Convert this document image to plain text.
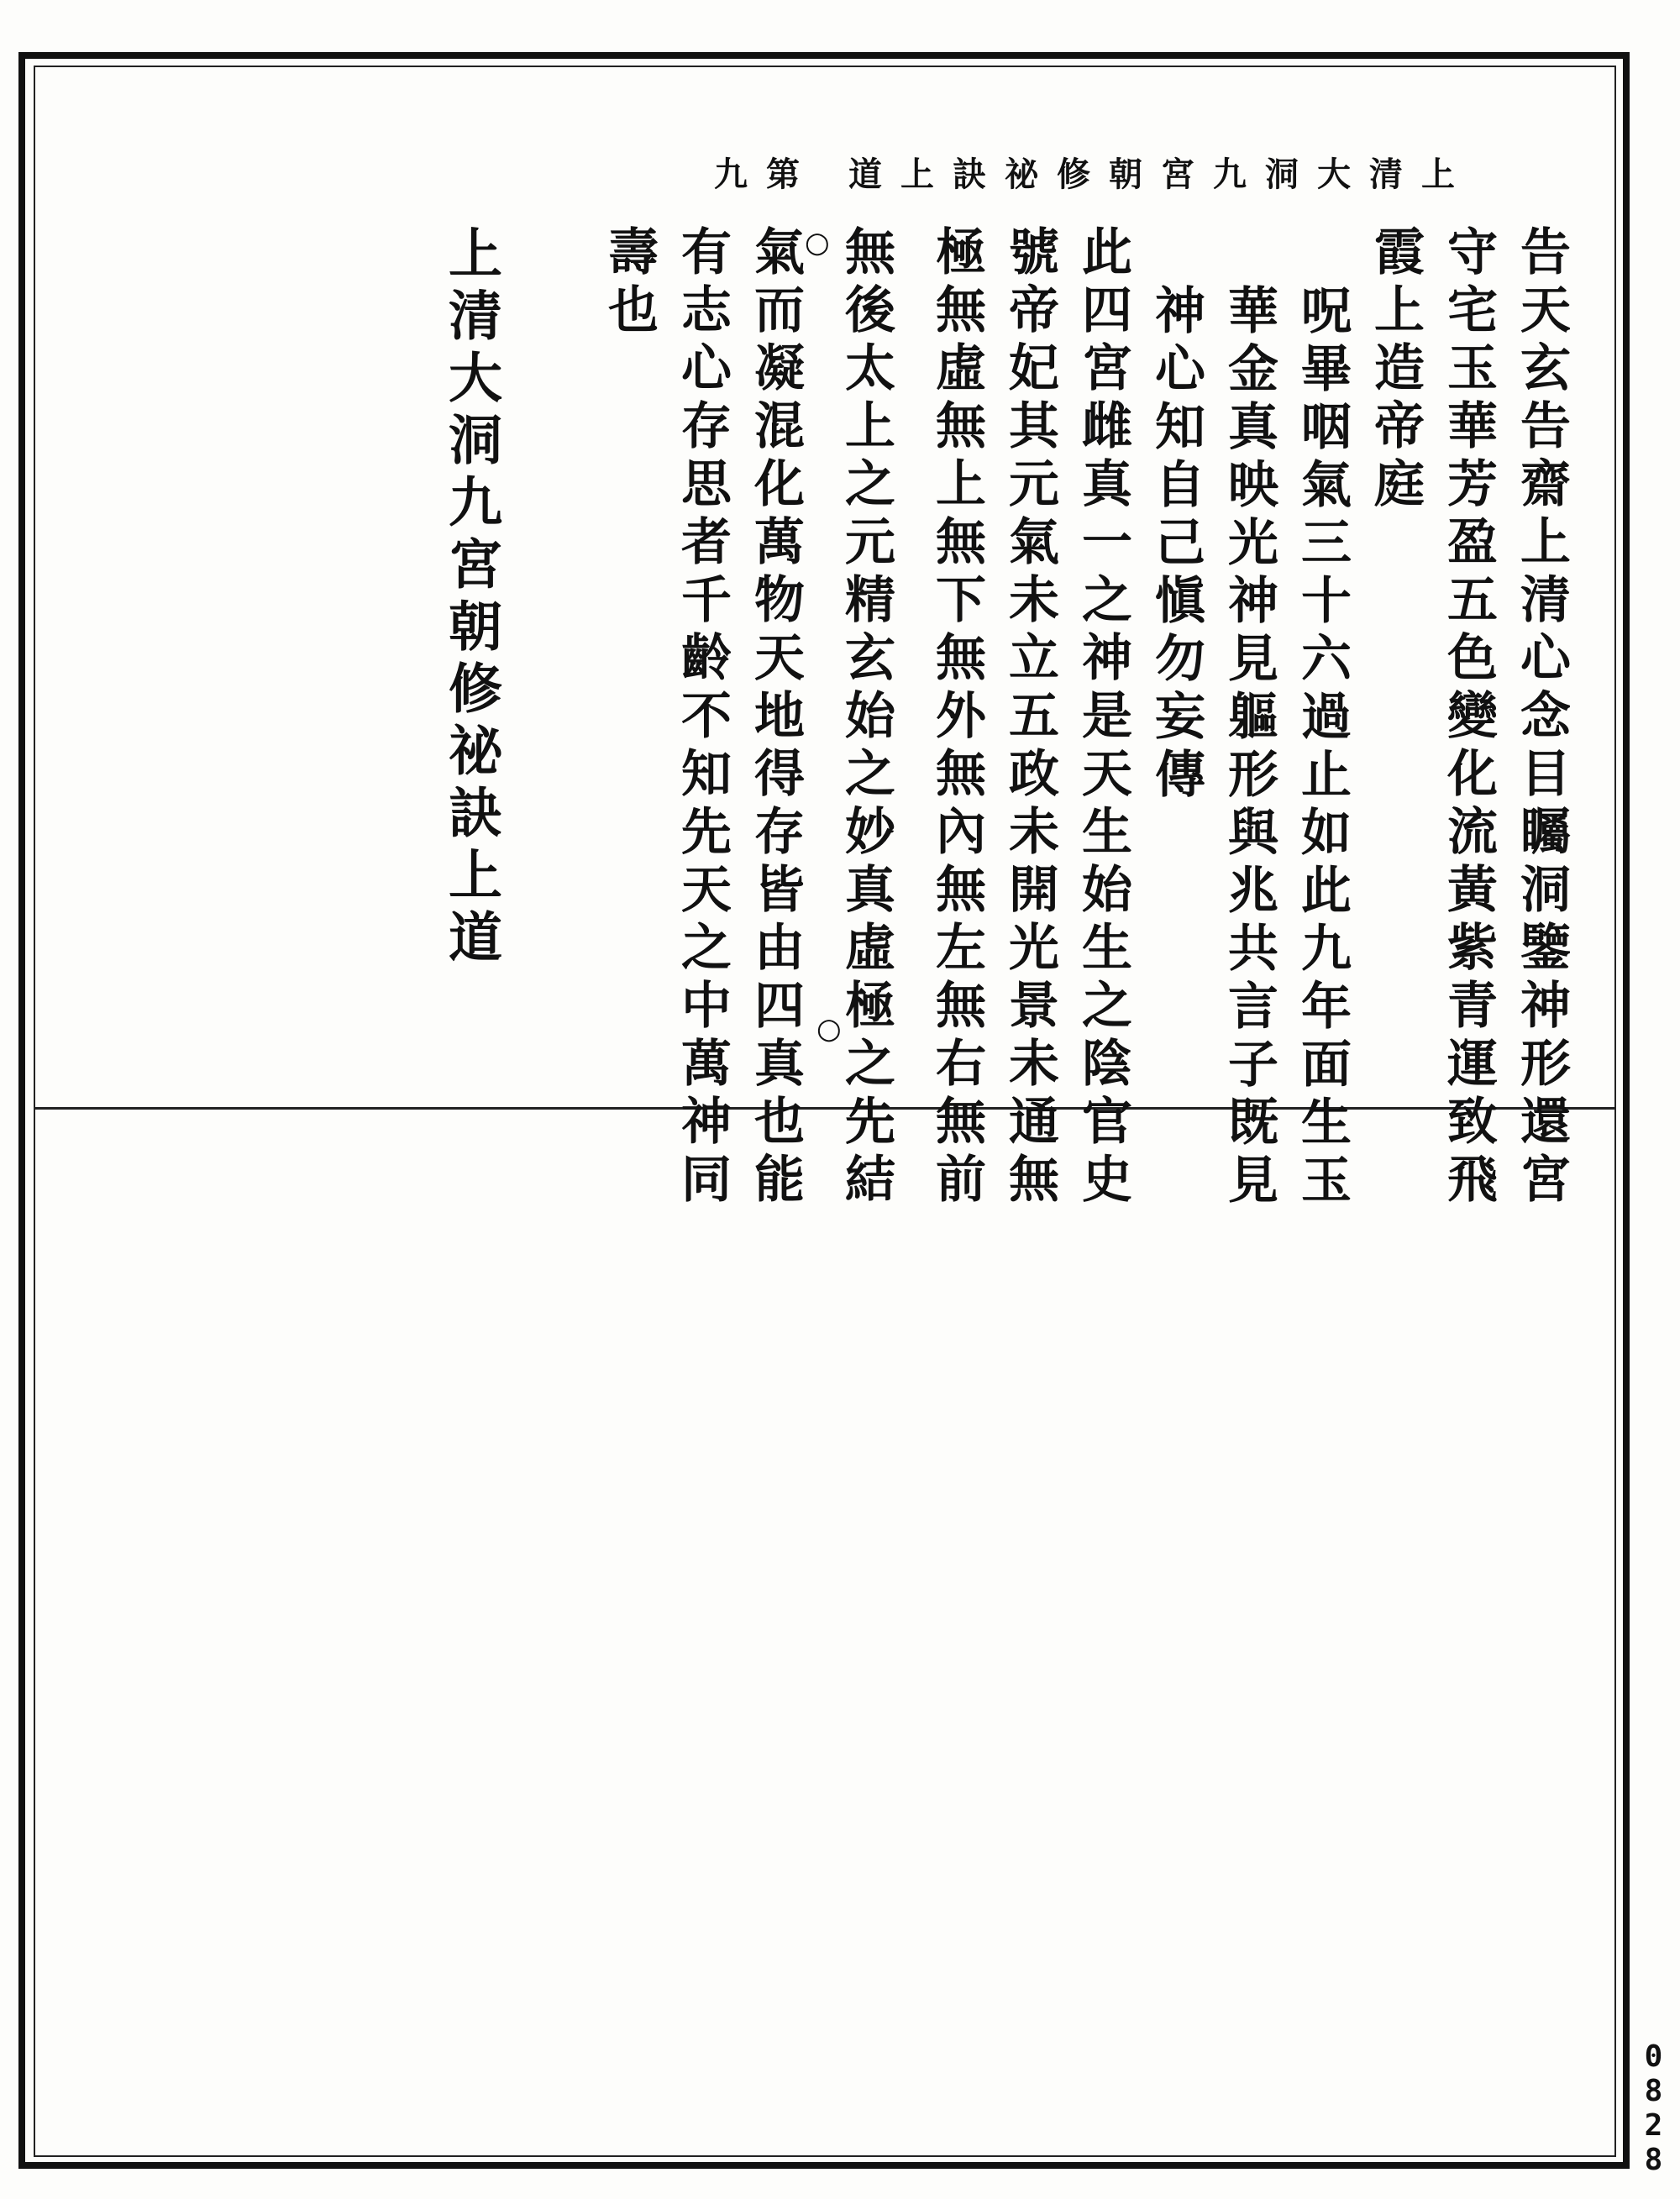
上清大洞九宮朝修祕訣上道
第九
告天玄告齋上清心念目矚洞鑒神形還宮
守宅玉華芳盈五色變化流黃紫青運致飛
霞上造帝庭
呪畢咽氣三十六過止如此九年面生玉
華金真映光神見軀形與兆共言子既見
神心知自己愼勿妄傳
此四宮雌真一之神是天生始生之陰官史
號帝妃其元氣未立五政未開光景未通無
極無虛無上無下無外無內無左無右無前
無後太上之元精玄始之妙真虛極之先結
氣而凝混化萬物天地得存皆由四真也能
有志心存思者千齡不知先天之中萬神同
壽也	○
○
上清大洞九宮朝修祕訣上道
0828
